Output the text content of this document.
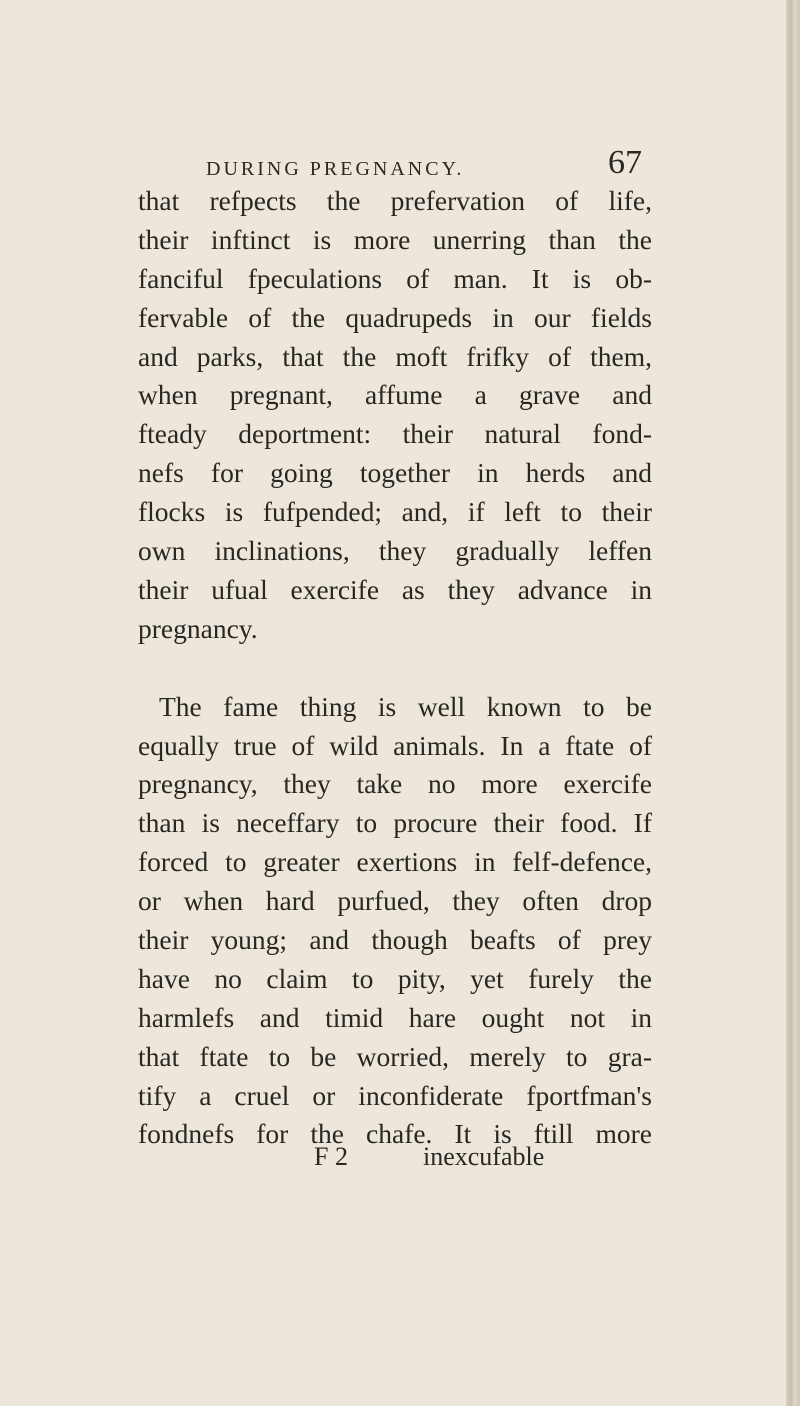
DURING PREGNANCY.	67
that refpects the prefervation of life,
their inftinct is more unerring than the
fanciful fpeculations of man. It is ob-
fervable of the quadrupeds in our fields
and parks, that the moft frifky of them,
when pregnant, affume a grave and
fteady deportment: their natural fond-
nefs for going together in herds and
flocks is fufpended; and, if left to their
own inclinations, they gradually leffen
their ufual exercife as they advance in
pregnancy.
The fame thing is well known to be
equally true of wild animals. In a ftate of
pregnancy, they take no more exercife
than is neceffary to procure their food. If
forced to greater exertions in felf-defence,
or when hard purfued, they often drop
their young; and though beafts of prey
have no claim to pity, yet furely the
harmlefs and timid hare ought not in
that ftate to be worried, merely to gra-
tify a cruel or inconfiderate fportfman's
fondnefs for the chafe. It is ftill more
F 2	inexcufable
